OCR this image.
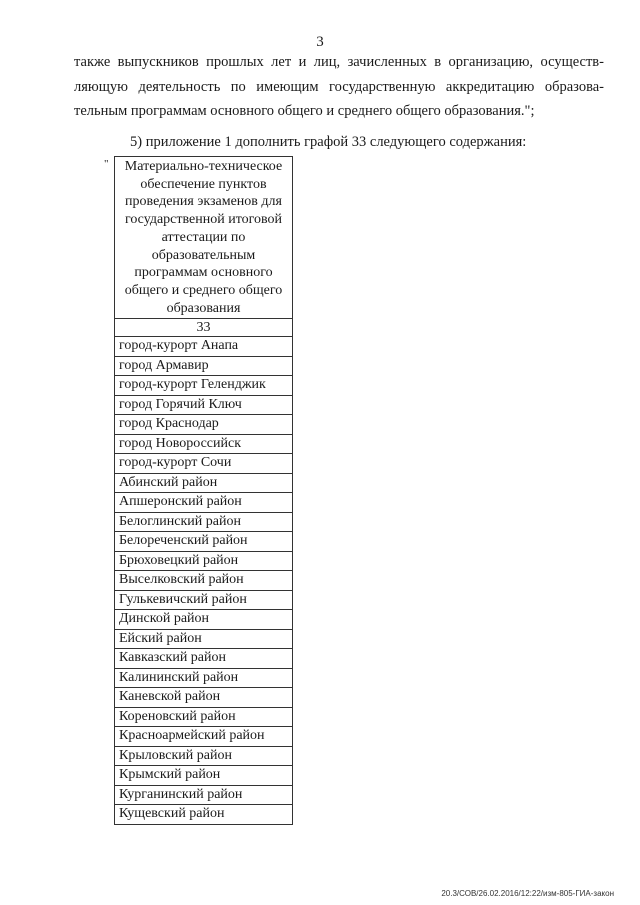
3
также выпускников прошлых лет и лиц, зачисленных в организацию, осуществ-
ляющую деятельность по имеющим государственную аккредитацию образова-
тельным программам основного общего и среднего общего образования.";
5) приложение 1 дополнить графой 33 следующего содержания:
" Материально-техническое обеспечение пунктов проведения экзаменов для государственной итоговой аттестации по образовательным программам основного общего и среднего общего образования
33
город-курорт Анапа
город Армавир
город-курорт Геленджик
город Горячий Ключ
город Краснодар
город Новороссийск
город-курорт Сочи
Абинский район
Апшеронский район
Белоглинский район
Белореченский район
Брюховецкий район
Выселковский район
Гулькевичский район
Динской район
Ейский район
Кавказский район
Калининский район
Каневской район
Кореновский район
Красноармейский район
Крыловский район
Крымский район
Курганинский район
Кущевский район
20.3/СОВ/26.02.2016/12:22/изм-805-ГИА-закон
